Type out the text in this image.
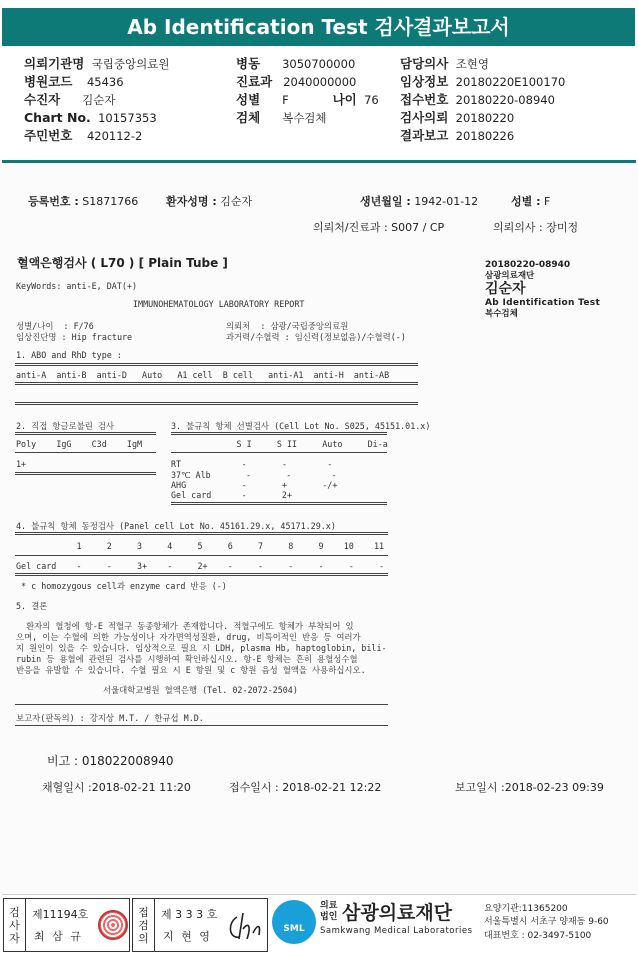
Ab Identification Test 검사결과보고서
의뢰기관명 국립중앙의료원
병원코드 45436
수진자 김순자
Chart No. 10157353
주민번호 420112-2
병동 3050700000
진료과 2040000000
성별 F	나이 76
검체 복수검체
담당의사 조현영
임상정보 20180220E100170
접수번호 20180220-08940
검사의뢰 20180220
결과보고 20180226
등록번호 : S1871766	환자성명 : 김순자	생년월일 : 1942-01-12	성별 : F
의뢰처/진료과 : S007 / CP	의뢰의사 : 장미정
혈액은행검사 ( L70 ) [ Plain Tube ]	20180220-08940
삼광의료재단
김순자
Ab Identification Test
복수검체
KeyWords: anti-E, DAT(+)
IMMUNOHEMATOLOGY LABORATORY REPORT
성별/나이  : F/76
임상진단명 : Hip fracture
의뢰처  : 삼광/국립중앙의료원
과거력/수혈력 : 임신력(정보없음)/수혈력(-)
1. ABO and RhD type :
anti-A  anti-B  anti-D   Auto   A1 cell  B cell   anti-A1  anti-H  anti-AB
2. 직접 항글로불린 검사
Poly    IgG    C3d    IgM
1+
3. 불규칙 항체 선별검사 (Cell Lot No. S025, 45151.01.x)
S I     S II     Auto     Di-a
RT            -       -        -
37℃ Alb       -       -        -
AHG           -       +       -/+
Gel card      -       2+
4. 불규칙 항체 동정검사 (Panel cell Lot No. 45161.29.x, 45171.29.x)
1     2     3     4     5     6     7     8     9    10    11
Gel card    -     -     3+    -     2+    -     -     -     -     -     -
* c homozygous cell과 enzyme card 반응 (-)
5. 결론
환자의 혈청에 항-E 적혈구 동종항체가 존재합니다. 적혈구에도 항체가 부착되어 있
으며, 이는 수혈에 의한 가능성이나 자가면역성질환, drug, 비특이적인 반응 등 여러가
지 원인이 있을 수 있습니다. 임상적으로 필요 시 LDH, plasma Hb, haptoglobin, bili-
rubin 등 용혈에 관련된 검사를 시행하여 확인하십시오. 항-E 항체는 흔히 용혈성수혈
반응을 유발할 수 있습니다. 수혈 필요 시 E 항원 및 c 항원 음성 혈액을 사용하십시오.
서울대학교병원 혈액은행 (Tel. 02-2072-2504)
보고자(판독의) : 강지상 M.T. / 한규섭 M.D.
비고 : 018022008940
채혈일시 :2018-02-21 11:20	접수일시 : 2018-02-21 12:22	보고일시 :2018-02-23 09:39
검
사
자
제11194호
최 삼 규
접
검
의
제 3 3 3 호
지 현 영
SML
의료
법인 삼광의료재단
Samkwang Medical Laboratories
요양기관:11365200
서울특별시 서초구 양재동 9-60
대표번호 : 02-3497-5100
